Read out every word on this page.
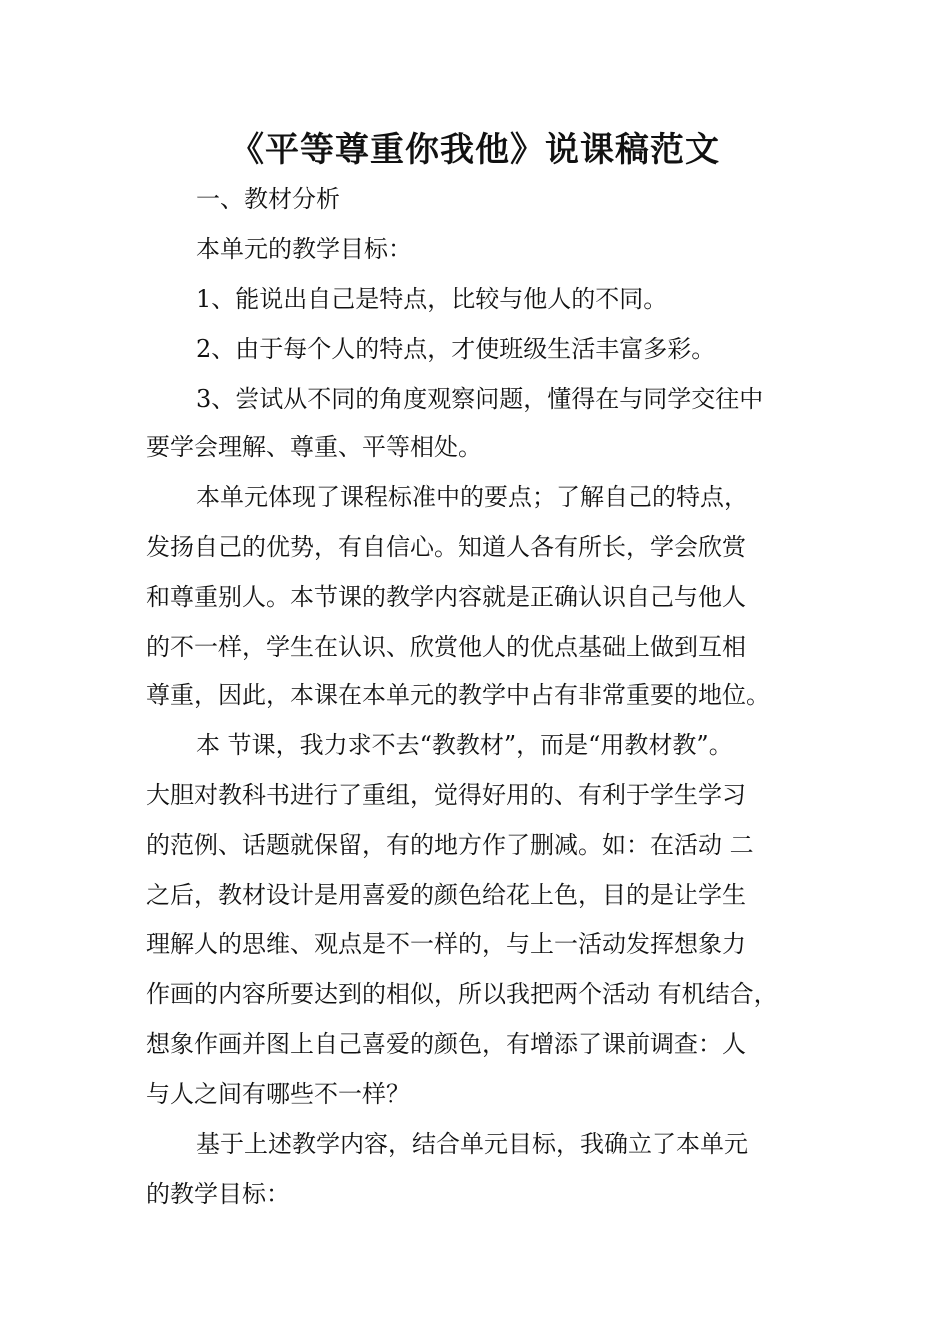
《平等尊重你我他》说课稿范文

一、教材分析

本单元的教学目标：

1、能说出自己是特点，比较与他人的不同。

2、由于每个人的特点，才使班级生活丰富多彩。

3、尝试从不同的角度观察问题，懂得在与同学交往中

要学会理解、尊重、平等相处。

本单元体现了课程标准中的要点；了解自己的特点，

发扬自己的优势，有自信心。知道人各有所长，学会欣赏

和尊重别人。本节课的教学内容就是正确认识自己与他人

的不一样，学生在认识、欣赏他人的优点基础上做到互相

尊重，因此，本课在本单元的教学中占有非常重要的地位。

本 节课，我力求不去“教教材”，而是“用教材教”。

大胆对教科书进行了重组，觉得好用的、有利于学生学习

的范例、话题就保留，有的地方作了删减。如：在活动 二

之后，教材设计是用喜爱的颜色给花上色，目的是让学生

理解人的思维、观点是不一样的，与上一活动发挥想象力

作画的内容所要达到的相似，所以我把两个活动 有机结合，

想象作画并图上自己喜爱的颜色，有增添了课前调查：人

与人之间有哪些不一样？

基于上述教学内容，结合单元目标，我确立了本单元

的教学目标：
